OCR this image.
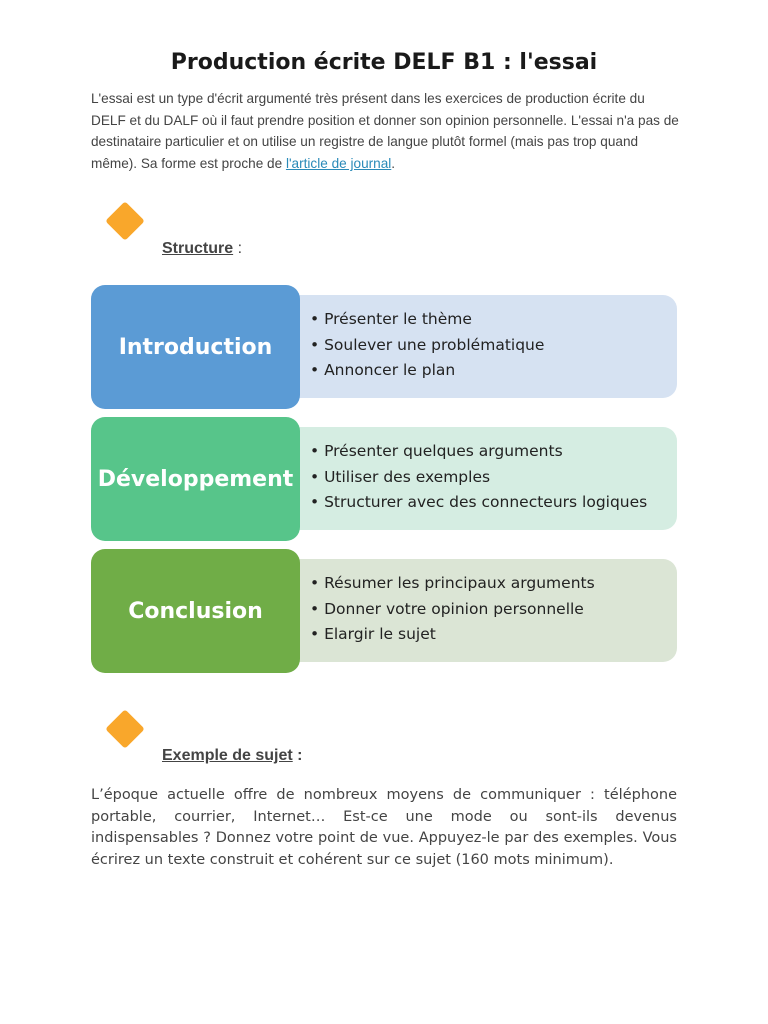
Production écrite DELF B1 : l'essai
L'essai est un type d'écrit argumenté très présent dans les exercices de production écrite du DELF et du DALF où il faut prendre position et donner son opinion personnelle. L'essai n'a pas de destinataire particulier et on utilise un registre de langue plutôt formel (mais pas trop quand même). Sa forme est proche de l'article de journal.
Structure :
• Présenter le thème
• Soulever une problématique
• Annoncer le plan
Introduction
• Présenter quelques arguments
• Utiliser des exemples
• Structurer avec des connecteurs logiques
Développement
• Résumer les principaux arguments
• Donner votre opinion personnelle
• Elargir le sujet
Conclusion
Exemple de sujet :
L’époque actuelle offre de nombreux moyens de communiquer : téléphone portable, courrier, Internet… Est-ce une mode ou sont-ils devenus indispensables ? Donnez votre point de vue. Appuyez-le par des exemples. Vous écrirez un texte construit et cohérent sur ce sujet (160 mots minimum).
